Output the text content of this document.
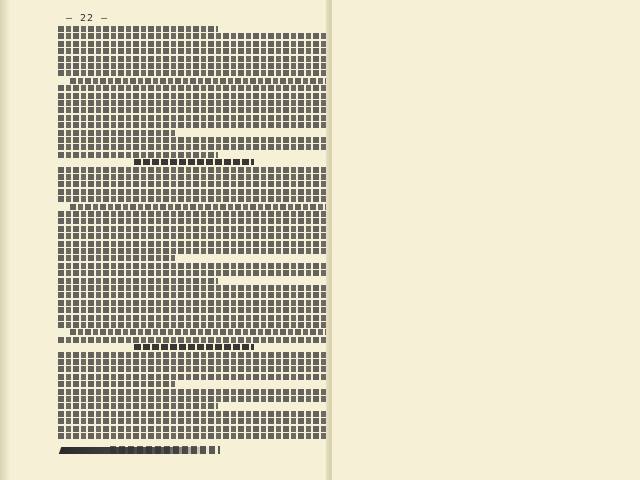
— 22 —
